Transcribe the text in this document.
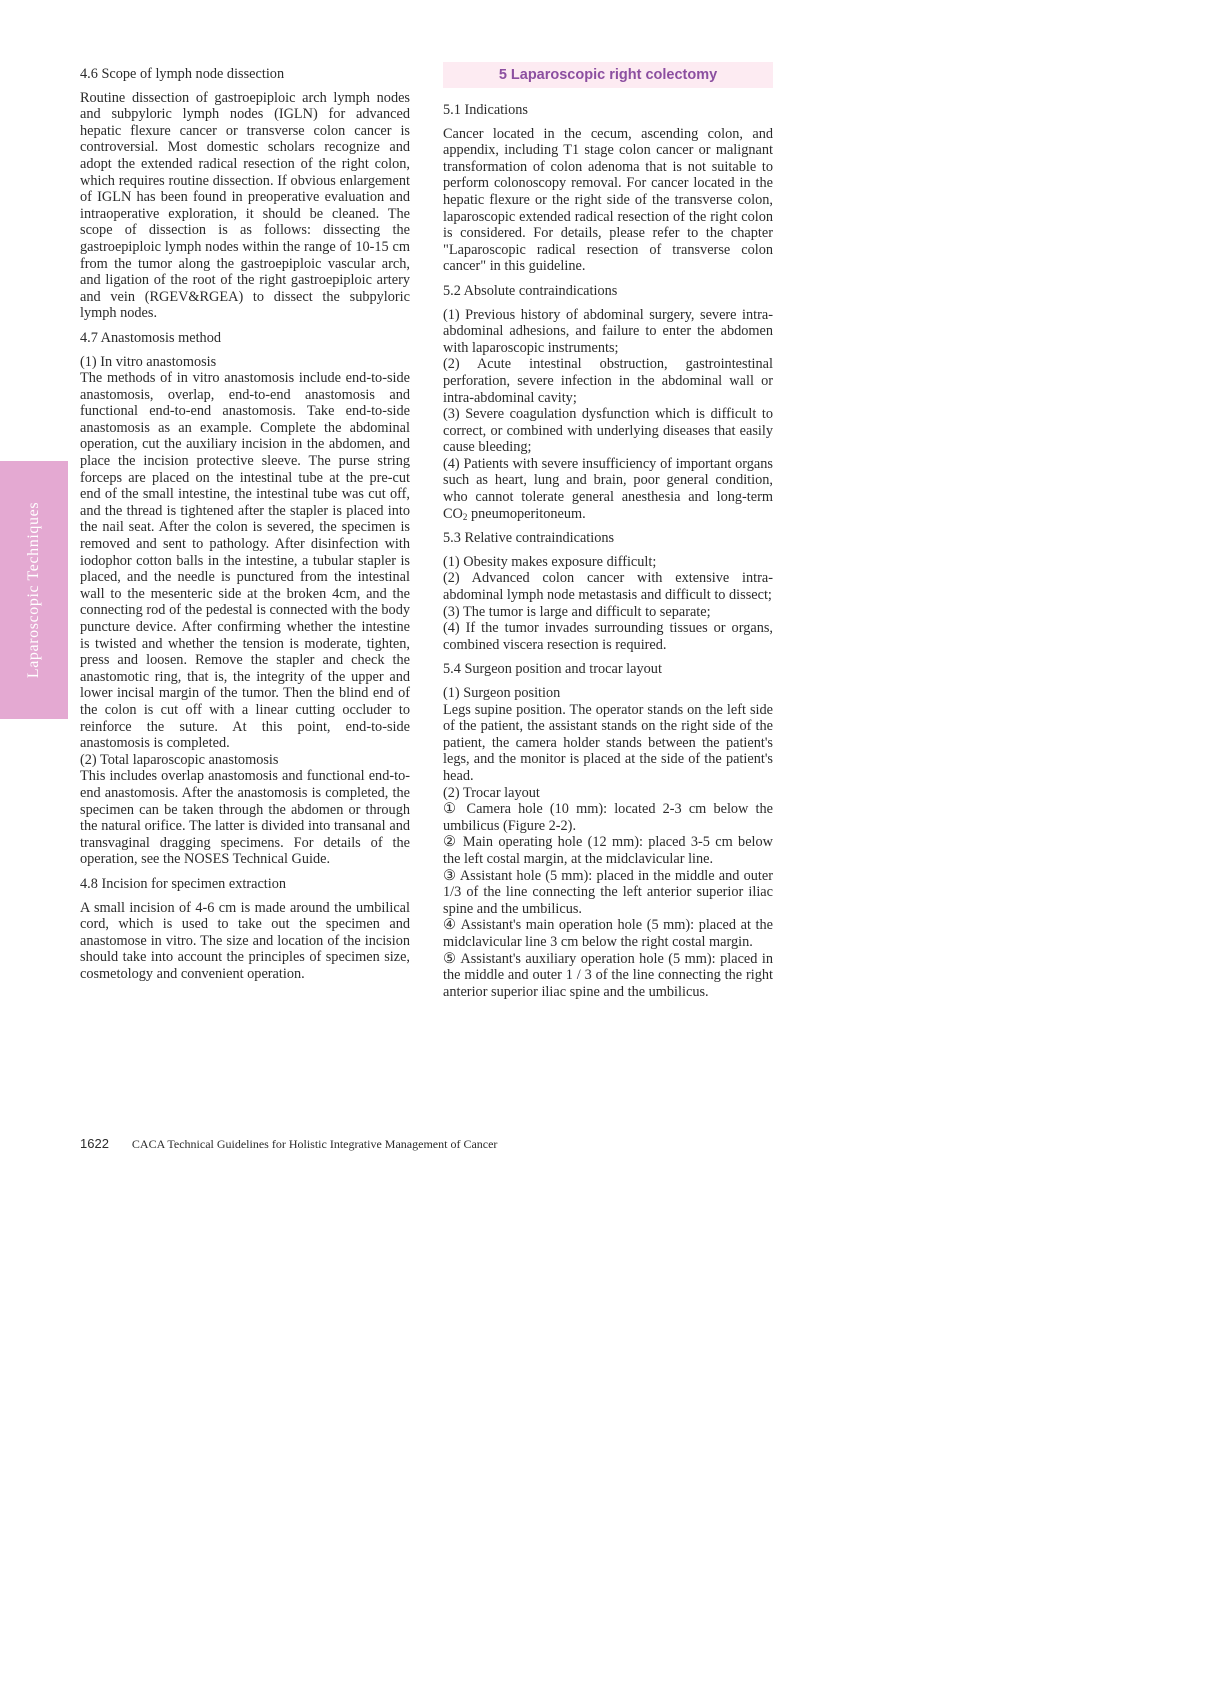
Laparoscopic Techniques

4.6 Scope of lymph node dissection

Routine dissection of gastroepiploic arch lymph nodes and subpyloric lymph nodes (IGLN) for advanced hepatic flexure cancer or transverse colon cancer is controversial. Most domestic scholars recognize and adopt the extended radical resection of the right colon, which requires routine dissection. If obvious enlargement of IGLN has been found in preoperative evaluation and intraoperative exploration, it should be cleaned. The scope of dissection is as follows: dissecting the gastroepiploic lymph nodes within the range of 10-15 cm from the tumor along the gastroepiploic vascular arch, and ligation of the root of the right gastroepiploic artery and vein (RGEV&RGEA) to dissect the subpyloric lymph nodes.

4.7 Anastomosis method

(1) In vitro anastomosis

The methods of in vitro anastomosis include end-to-side anastomosis, overlap, end-to-end anastomosis and functional end-to-end anastomosis. Take end-to-side anastomosis as an example. Complete the abdominal operation, cut the auxiliary incision in the abdomen, and place the incision protective sleeve. The purse string forceps are placed on the intestinal tube at the pre-cut end of the small intestine, the intestinal tube was cut off, and the thread is tightened after the stapler is placed into the nail seat. After the colon is severed, the specimen is removed and sent to pathology. After disinfection with iodophor cotton balls in the intestine, a tubular stapler is placed, and the needle is punctured from the intestinal wall to the mesenteric side at the broken 4cm, and the connecting rod of the pedestal is connected with the body puncture device. After confirming whether the intestine is twisted and whether the tension is moderate, tighten, press and loosen. Remove the stapler and check the anastomotic ring, that is, the integrity of the upper and lower incisal margin of the tumor. Then the blind end of the colon is cut off with a linear cutting occluder to reinforce the suture. At this point, end-to-side anastomosis is completed.

(2) Total laparoscopic anastomosis

This includes overlap anastomosis and functional end-to-end anastomosis. After the anastomosis is completed, the specimen can be taken through the abdomen or through the natural orifice. The latter is divided into transanal and transvaginal dragging specimens. For details of the operation, see the NOSES Technical Guide.

4.8 Incision for specimen extraction

A small incision of 4-6 cm is made around the umbilical cord, which is used to take out the specimen and anastomose in vitro. The size and location of the incision should take into account the principles of specimen size, cosmetology and convenient operation.

5 Laparoscopic right colectomy

5.1 Indications

Cancer located in the cecum, ascending colon, and appendix, including T1 stage colon cancer or malignant transformation of colon adenoma that is not suitable to perform colonoscopy removal. For cancer located in the hepatic flexure or the right side of the transverse colon, laparoscopic extended radical resection of the right colon is considered. For details, please refer to the chapter "Laparoscopic radical resection of transverse colon cancer" in this guideline.

5.2 Absolute contraindications

(1) Previous history of abdominal surgery, severe intra-abdominal adhesions, and failure to enter the abdomen with laparoscopic instruments;

(2) Acute intestinal obstruction, gastrointestinal perforation, severe infection in the abdominal wall or intra-abdominal cavity;

(3) Severe coagulation dysfunction which is difficult to correct, or combined with underlying diseases that easily cause bleeding;

(4) Patients with severe insufficiency of important organs such as heart, lung and brain, poor general condition, who cannot tolerate general anesthesia and long-term $CO_2$ pneumoperitoneum.

5.3 Relative contraindications

(1) Obesity makes exposure difficult;

(2) Advanced colon cancer with extensive intra-abdominal lymph node metastasis and difficult to dissect;

(3) The tumor is large and difficult to separate;

(4) If the tumor invades surrounding tissues or organs, combined viscera resection is required.

5.4 Surgeon position and trocar layout

(1) Surgeon position

Legs supine position. The operator stands on the left side of the patient, the assistant stands on the right side of the patient, the camera holder stands between the patient's legs, and the monitor is placed at the side of the patient's head.

(2) Trocar layout

① Camera hole (10 mm): located 2-3 cm below the umbilicus (Figure 2-2).

② Main operating hole (12 mm): placed 3-5 cm below the left costal margin, at the midclavicular line.

③ Assistant hole (5 mm): placed in the middle and outer 1/3 of the line connecting the left anterior superior iliac spine and the umbilicus.

④ Assistant's main operation hole (5 mm): placed at the midclavicular line 3 cm below the right costal margin.

⑤ Assistant's auxiliary operation hole (5 mm): placed in the middle and outer 1 / 3 of the line connecting the right anterior superior iliac spine and the umbilicus.

1622 CACA Technical Guidelines for Holistic Integrative Management of Cancer
